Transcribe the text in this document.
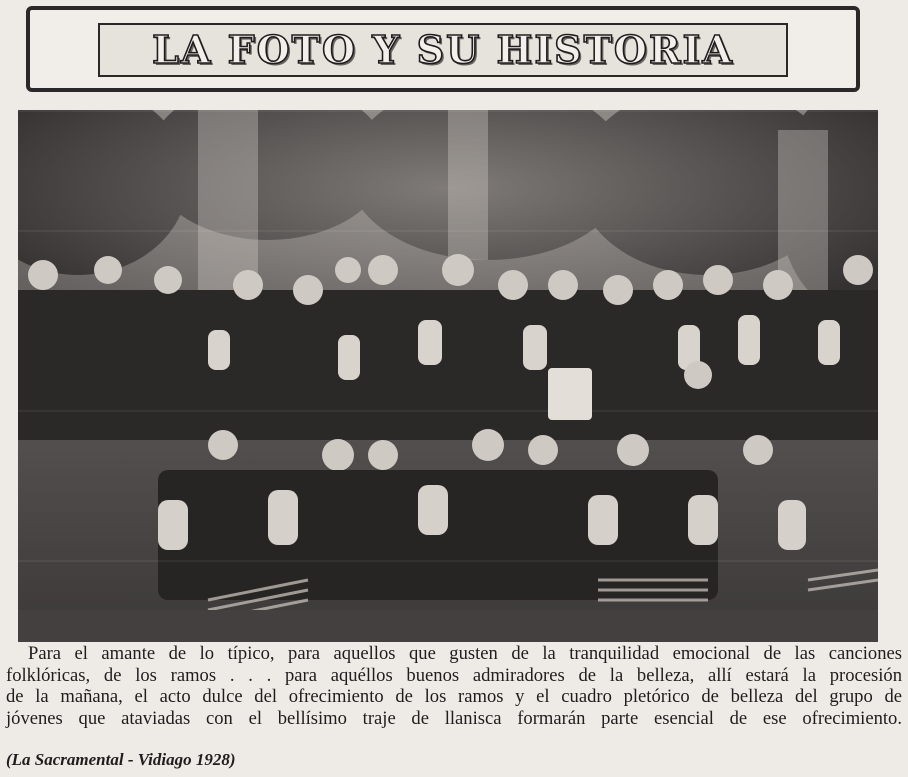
LA FOTO Y SU HISTORIA
Para el amante de lo típico, para aquellos que gusten de la tranquilidad emocional de las canciones
folklóricas, de los ramos . . . para aquéllos buenos admiradores de la belleza, allí estará la procesión
de la mañana, el acto dulce del ofrecimiento de los ramos y el cuadro pletórico de belleza del grupo de
jóvenes que ataviadas con el bellísimo traje de llanisca formarán parte esencial de ese ofrecimiento.
(La Sacramental - Vidiago 1928)
